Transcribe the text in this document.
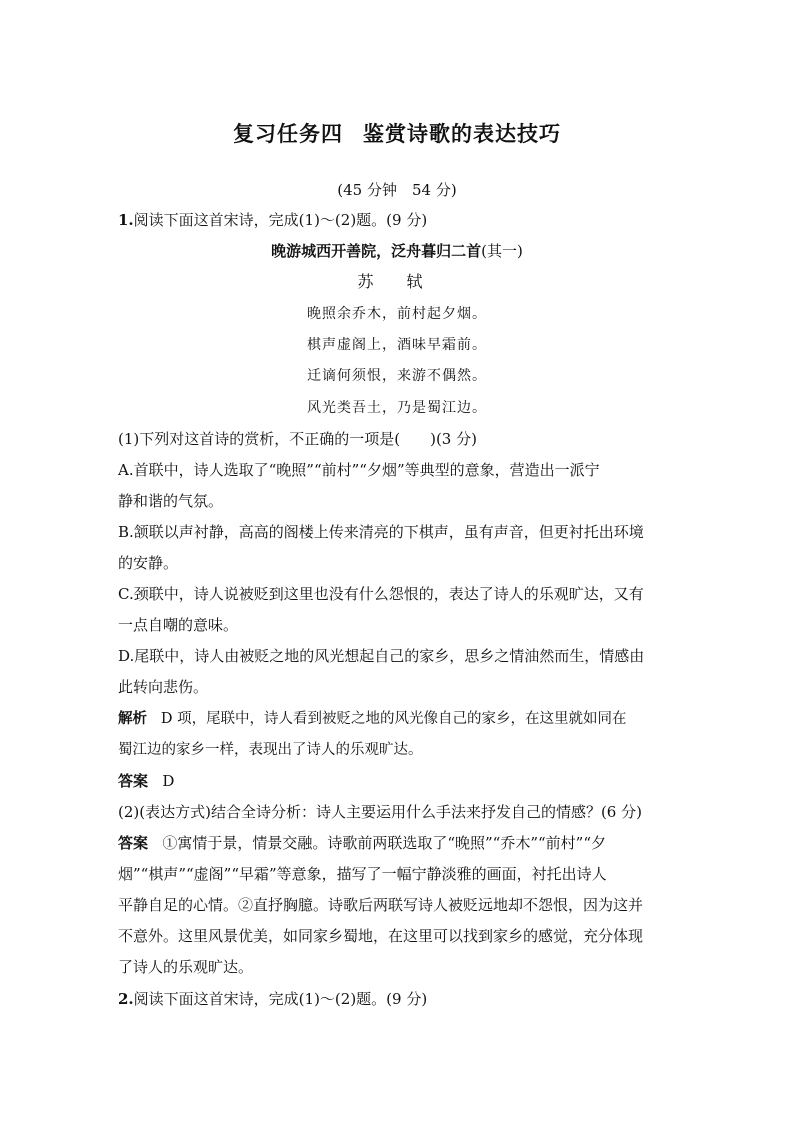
复习任务四 鉴赏诗歌的表达技巧
(45 分钟　54 分)
1.阅读下面这首宋诗，完成(1)～(2)题。(9 分)
晚游城西开善院，泛舟暮归二首(其一)
苏 轼
晚照余乔木，前村起夕烟。
棋声虚阁上，酒味早霜前。
迁谪何须恨，来游不偶然。
风光类吾土，乃是蜀江边。
(1)下列对这首诗的赏析，不正确的一项是(　　)(3 分)
A.首联中，诗人选取了“晚照”“前村”“夕烟”等典型的意象，营造出一派宁
静和谐的气氛。
B.颔联以声衬静，高高的阁楼上传来清亮的下棋声，虽有声音，但更衬托出环境
的安静。
C.颈联中，诗人说被贬到这里也没有什么怨恨的，表达了诗人的乐观旷达，又有
一点自嘲的意味。
D.尾联中，诗人由被贬之地的风光想起自己的家乡，思乡之情油然而生，情感由
此转向悲伤。
解析 D 项，尾联中，诗人看到被贬之地的风光像自己的家乡，在这里就如同在
蜀江边的家乡一样，表现出了诗人的乐观旷达。
答案 D
(2)(表达方式)结合全诗分析：诗人主要运用什么手法来抒发自己的情感？(6 分)
答案 ①寓情于景，情景交融。诗歌前两联选取了“晚照”“乔木”“前村”“夕
烟”“棋声”“虚阁”“早霜”等意象，描写了一幅宁静淡雅的画面，衬托出诗人
平静自足的心情。②直抒胸臆。诗歌后两联写诗人被贬远地却不怨恨，因为这并
不意外。这里风景优美，如同家乡蜀地，在这里可以找到家乡的感觉，充分体现
了诗人的乐观旷达。
2.阅读下面这首宋诗，完成(1)～(2)题。(9 分)
